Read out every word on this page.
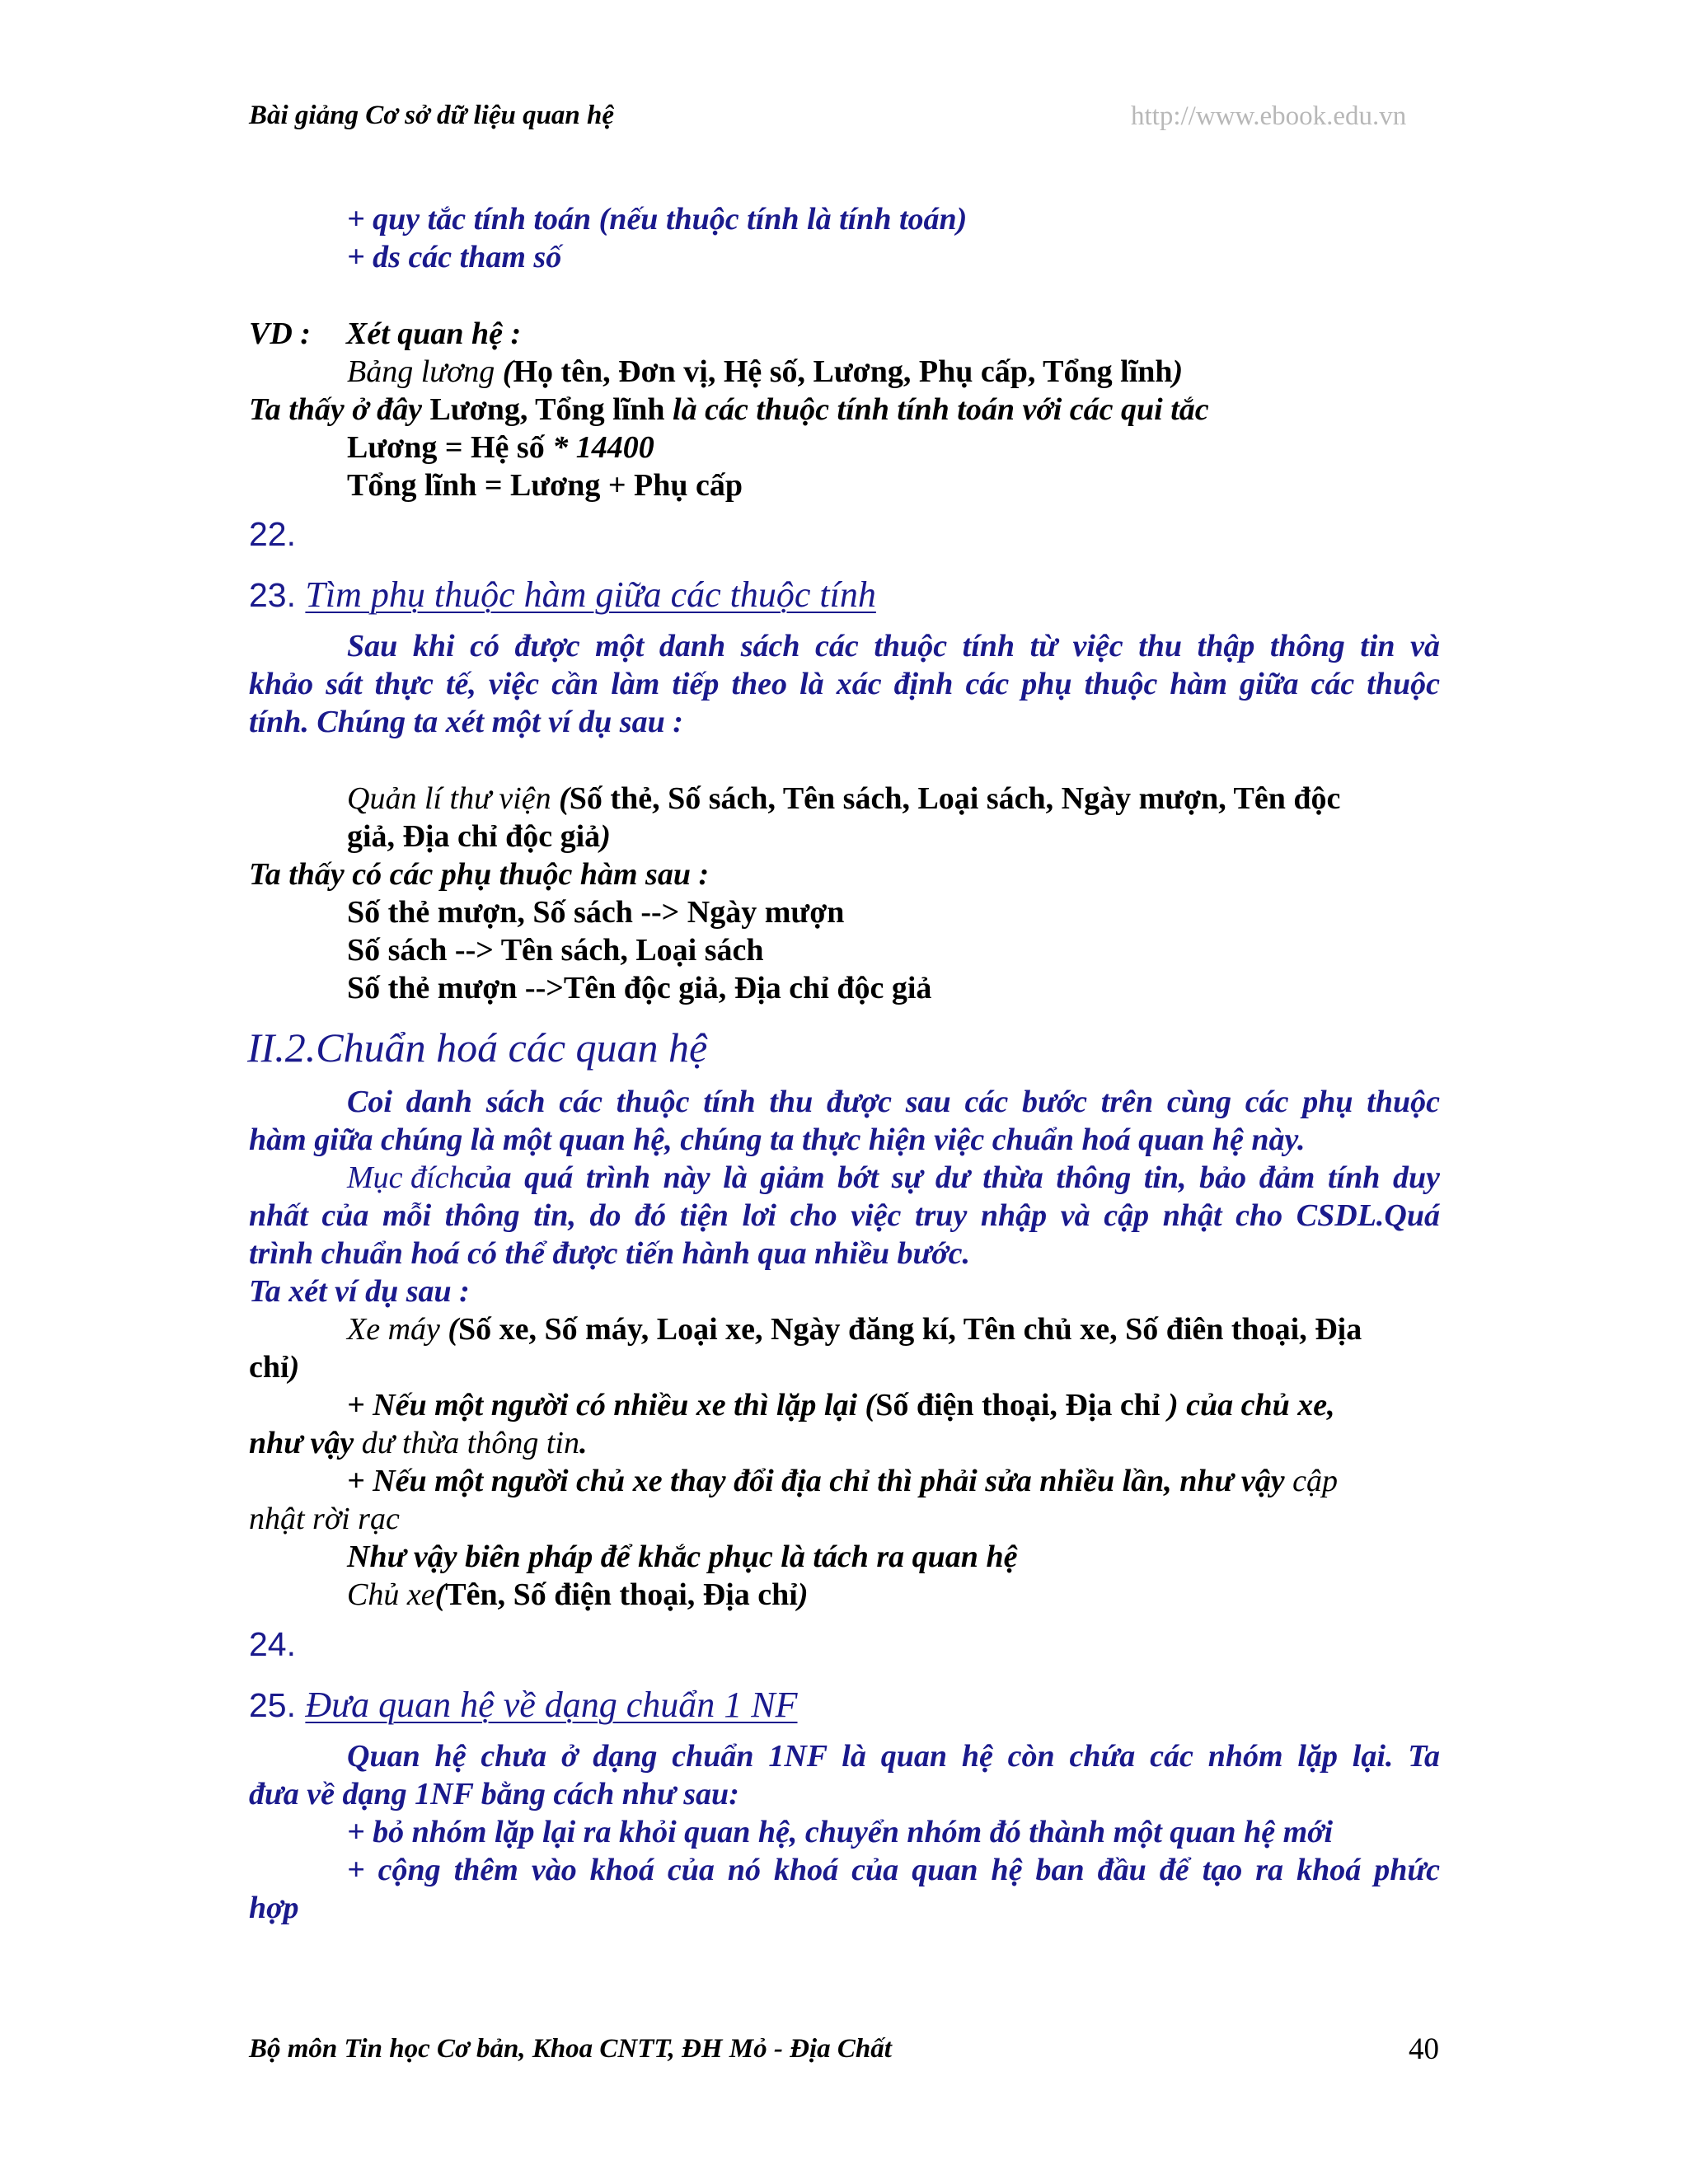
Bài giảng Cơ sở dữ liệu quan hệ	http://www.ebook.edu.vn
+ quy tắc tính toán (nếu thuộc tính là tính toán)
+ ds các tham số
VD : Xét quan hệ :
Bảng lương (Họ tên, Đơn vị, Hệ số, Lương, Phụ cấp, Tổng lĩnh)
Ta thấy ở đây Lương, Tổng lĩnh là các thuộc tính tính toán với các qui tắc
Lương = Hệ số * 14400
Tổng lĩnh = Lương + Phụ cấp
22.
23. Tìm phụ thuộc hàm giữa các thuộc tính
Sau khi có được một danh sách các thuộc tính từ việc thu thập thông tin và
khảo sát thực tế, việc cần làm tiếp theo là xác định các phụ thuộc hàm giữa các thuộc
tính. Chúng ta xét một ví dụ sau :
Quản lí thư viện (Số thẻ, Số sách, Tên sách, Loại sách, Ngày mượn, Tên độc
giả, Địa chỉ độc giả)
Ta thấy có các phụ thuộc hàm sau :
Số thẻ mượn, Số sách --> Ngày mượn
Số sách --> Tên sách, Loại sách
Số thẻ mượn -->Tên độc giả, Địa chỉ độc giả
II.2.Chuẩn hoá các quan hệ
Coi danh sách các thuộc tính thu được sau các bước trên cùng các phụ thuộc
hàm giữa chúng là một quan hệ, chúng ta thực hiện việc chuẩn hoá quan hệ này.
Mục đích của quá trình này là giảm bớt sự dư thừa thông tin, bảo đảm tính duy
nhất của mỗi thông tin, do đó tiện lơi cho việc truy nhập và cập nhật cho CSDL.Quá
trình chuẩn hoá có thể được tiến hành qua nhiều bước.
Ta xét ví dụ sau :
Xe máy (Số xe, Số máy, Loại xe, Ngày đăng kí, Tên chủ xe, Số điên thoại, Địa
chỉ)
+ Nếu một người có nhiều xe thì lặp lại (Số điện thoại, Địa chỉ ) của chủ xe,
như vậy dư thừa thông tin.
+ Nếu một người chủ xe thay đổi địa chỉ thì phải sửa nhiều lần, như vậy cập
nhật rời rạc
Như vậy biên pháp để khắc phục là tách ra quan hệ
Chủ xe(Tên, Số điện thoại, Địa chỉ)
24.
25. Đưa quan hệ về dạng chuẩn 1 NF
Quan hệ chưa ở dạng chuẩn 1NF là quan hệ còn chứa các nhóm lặp lại. Ta
đưa về dạng 1NF bằng cách như sau:
+ bỏ nhóm lặp lại ra khỏi quan hệ, chuyển nhóm đó thành một quan hệ mới
+ cộng thêm vào khoá của nó khoá của quan hệ ban đầu để tạo ra khoá phức
hợp
Bộ môn Tin học Cơ bản, Khoa CNTT, ĐH Mỏ - Địa Chất	40
